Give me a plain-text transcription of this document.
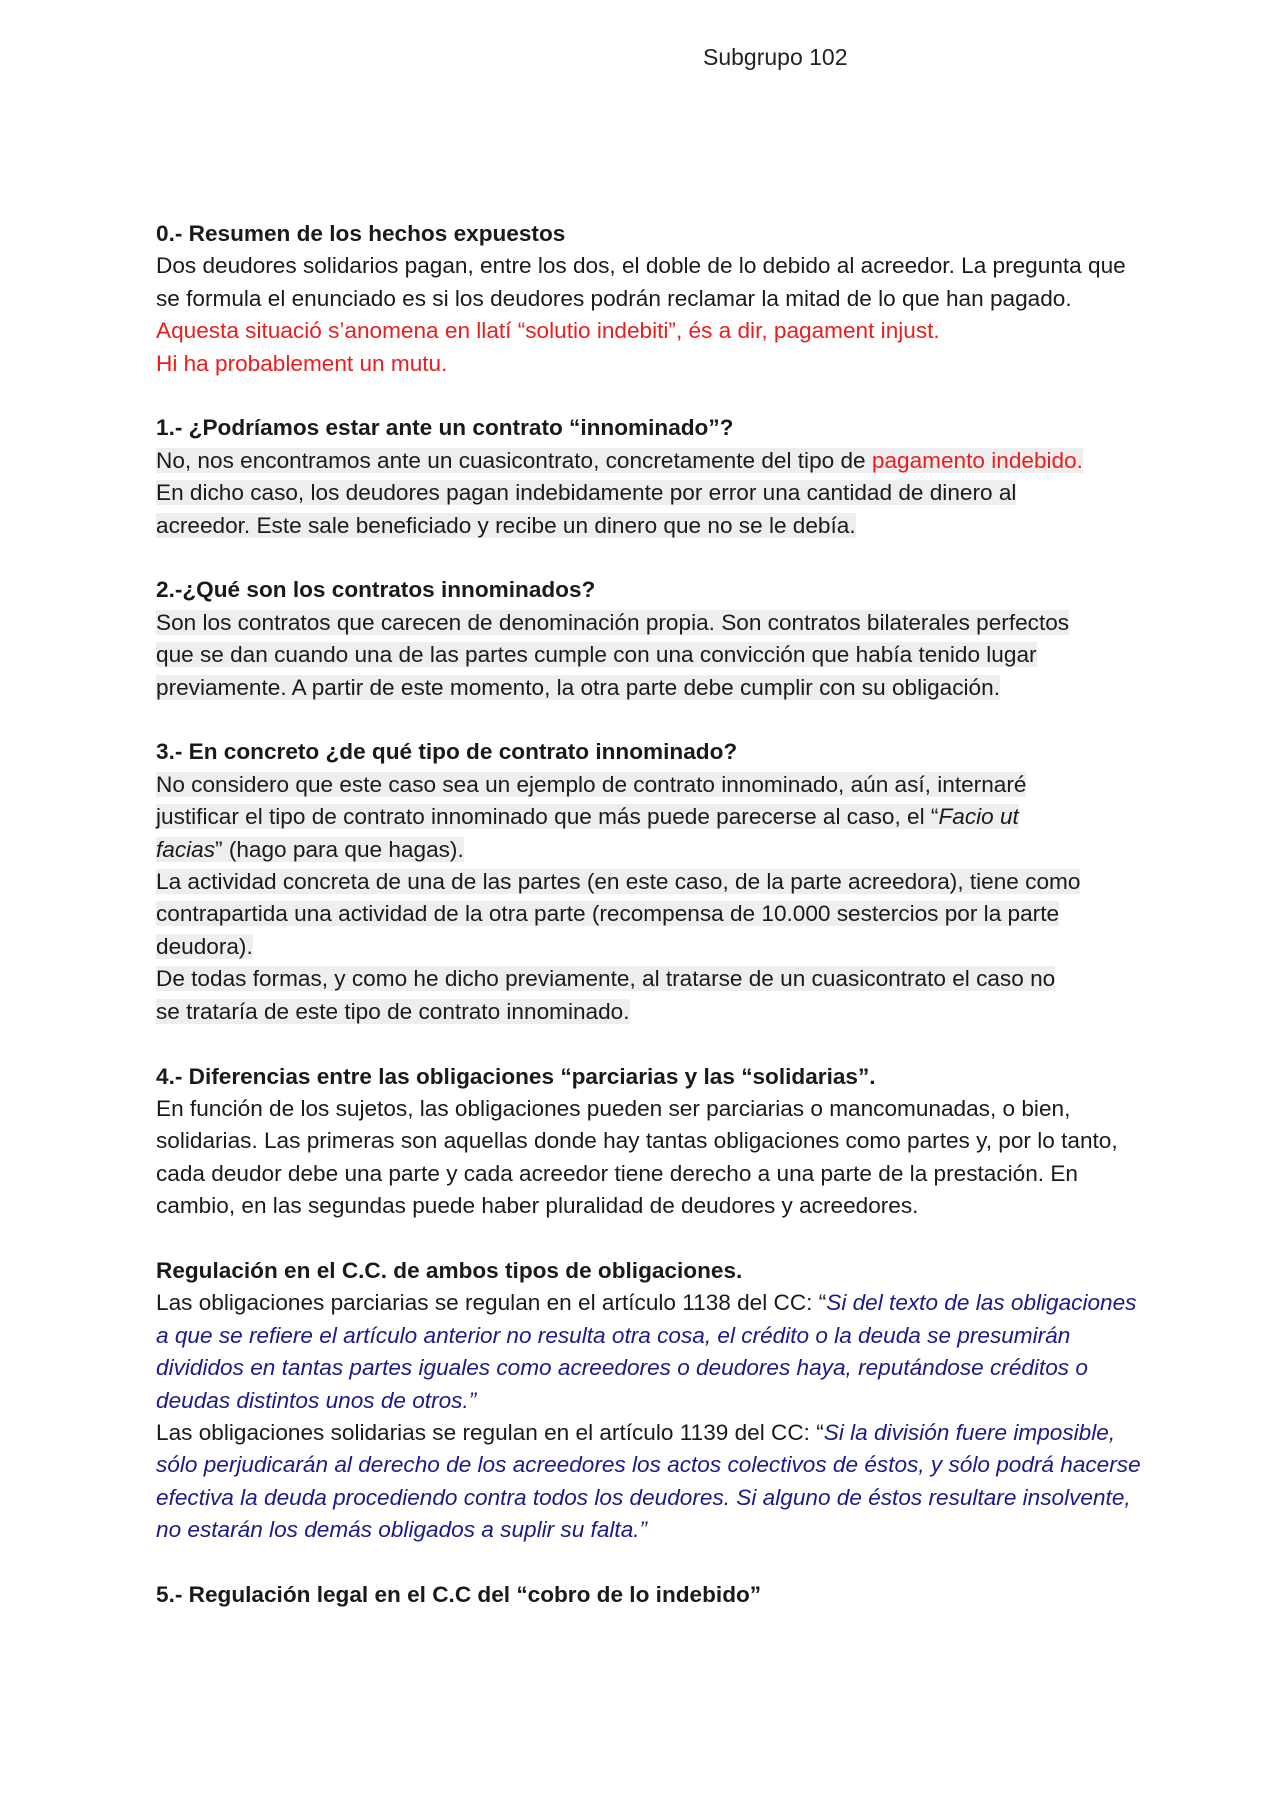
Subgrupo 102

0.- Resumen de los hechos expuestos

Dos deudores solidarios pagan, entre los dos, el doble de lo debido al acreedor. La pregunta que se formula el enunciado es si los deudores podrán reclamar la mitad de lo que han pagado. Aquesta situació s’anomena en llatí “solutio indebiti”, és a dir, pagament injust.

Hi ha probablement un mutu.

1.- ¿Podríamos estar ante un contrato “innominado”?

No, nos encontramos ante un cuasicontrato, concretamente del tipo de pagamento indebido.

En dicho caso, los deudores pagan indebidamente por error una cantidad de dinero al

acreedor. Este sale beneficiado y recibe un dinero que no se le debía.

2.-¿Qué son los contratos innominados?

Son los contratos que carecen de denominación propia. Son contratos bilaterales perfectos

que se dan cuando una de las partes cumple con una convicción que había tenido lugar

previamente. A partir de este momento, la otra parte debe cumplir con su obligación.

3.- En concreto ¿de qué tipo de contrato innominado?

No considero que este caso sea un ejemplo de contrato innominado, aún así, internaré

justificar el tipo de contrato innominado que más puede parecerse al caso, el “Facio ut

facias” (hago para que hagas).

La actividad concreta de una de las partes (en este caso, de la parte acreedora), tiene como

contrapartida una actividad de la otra parte (recompensa de 10.000 sestercios por la parte

deudora).

De todas formas, y como he dicho previamente, al tratarse de un cuasicontrato el caso no

se trataría de este tipo de contrato innominado.

4.- Diferencias entre las obligaciones “parciarias y las “solidarias”.

En función de los sujetos, las obligaciones pueden ser parciarias o mancomunadas, o bien, solidarias. Las primeras son aquellas donde hay tantas obligaciones como partes y, por lo tanto, cada deudor debe una parte y cada acreedor tiene derecho a una parte de la prestación. En cambio, en las segundas puede haber pluralidad de deudores y acreedores.

Regulación en el C.C. de ambos tipos de obligaciones.

Las obligaciones parciarias se regulan en el artículo 1138 del CC: “Si del texto de las obligaciones a que se refiere el artículo anterior no resulta otra cosa, el crédito o la deuda se presumirán divididos en tantas partes iguales como acreedores o deudores haya, reputándose créditos o deudas distintos unos de otros.”

Las obligaciones solidarias se regulan en el artículo 1139 del CC: “Si la división fuere imposible, sólo perjudicarán al derecho de los acreedores los actos colectivos de éstos, y sólo podrá hacerse efectiva la deuda procediendo contra todos los deudores. Si alguno de éstos resultare insolvente, no estarán los demás obligados a suplir su falta.”

5.- Regulación legal en el C.C del “cobro de lo indebido”
